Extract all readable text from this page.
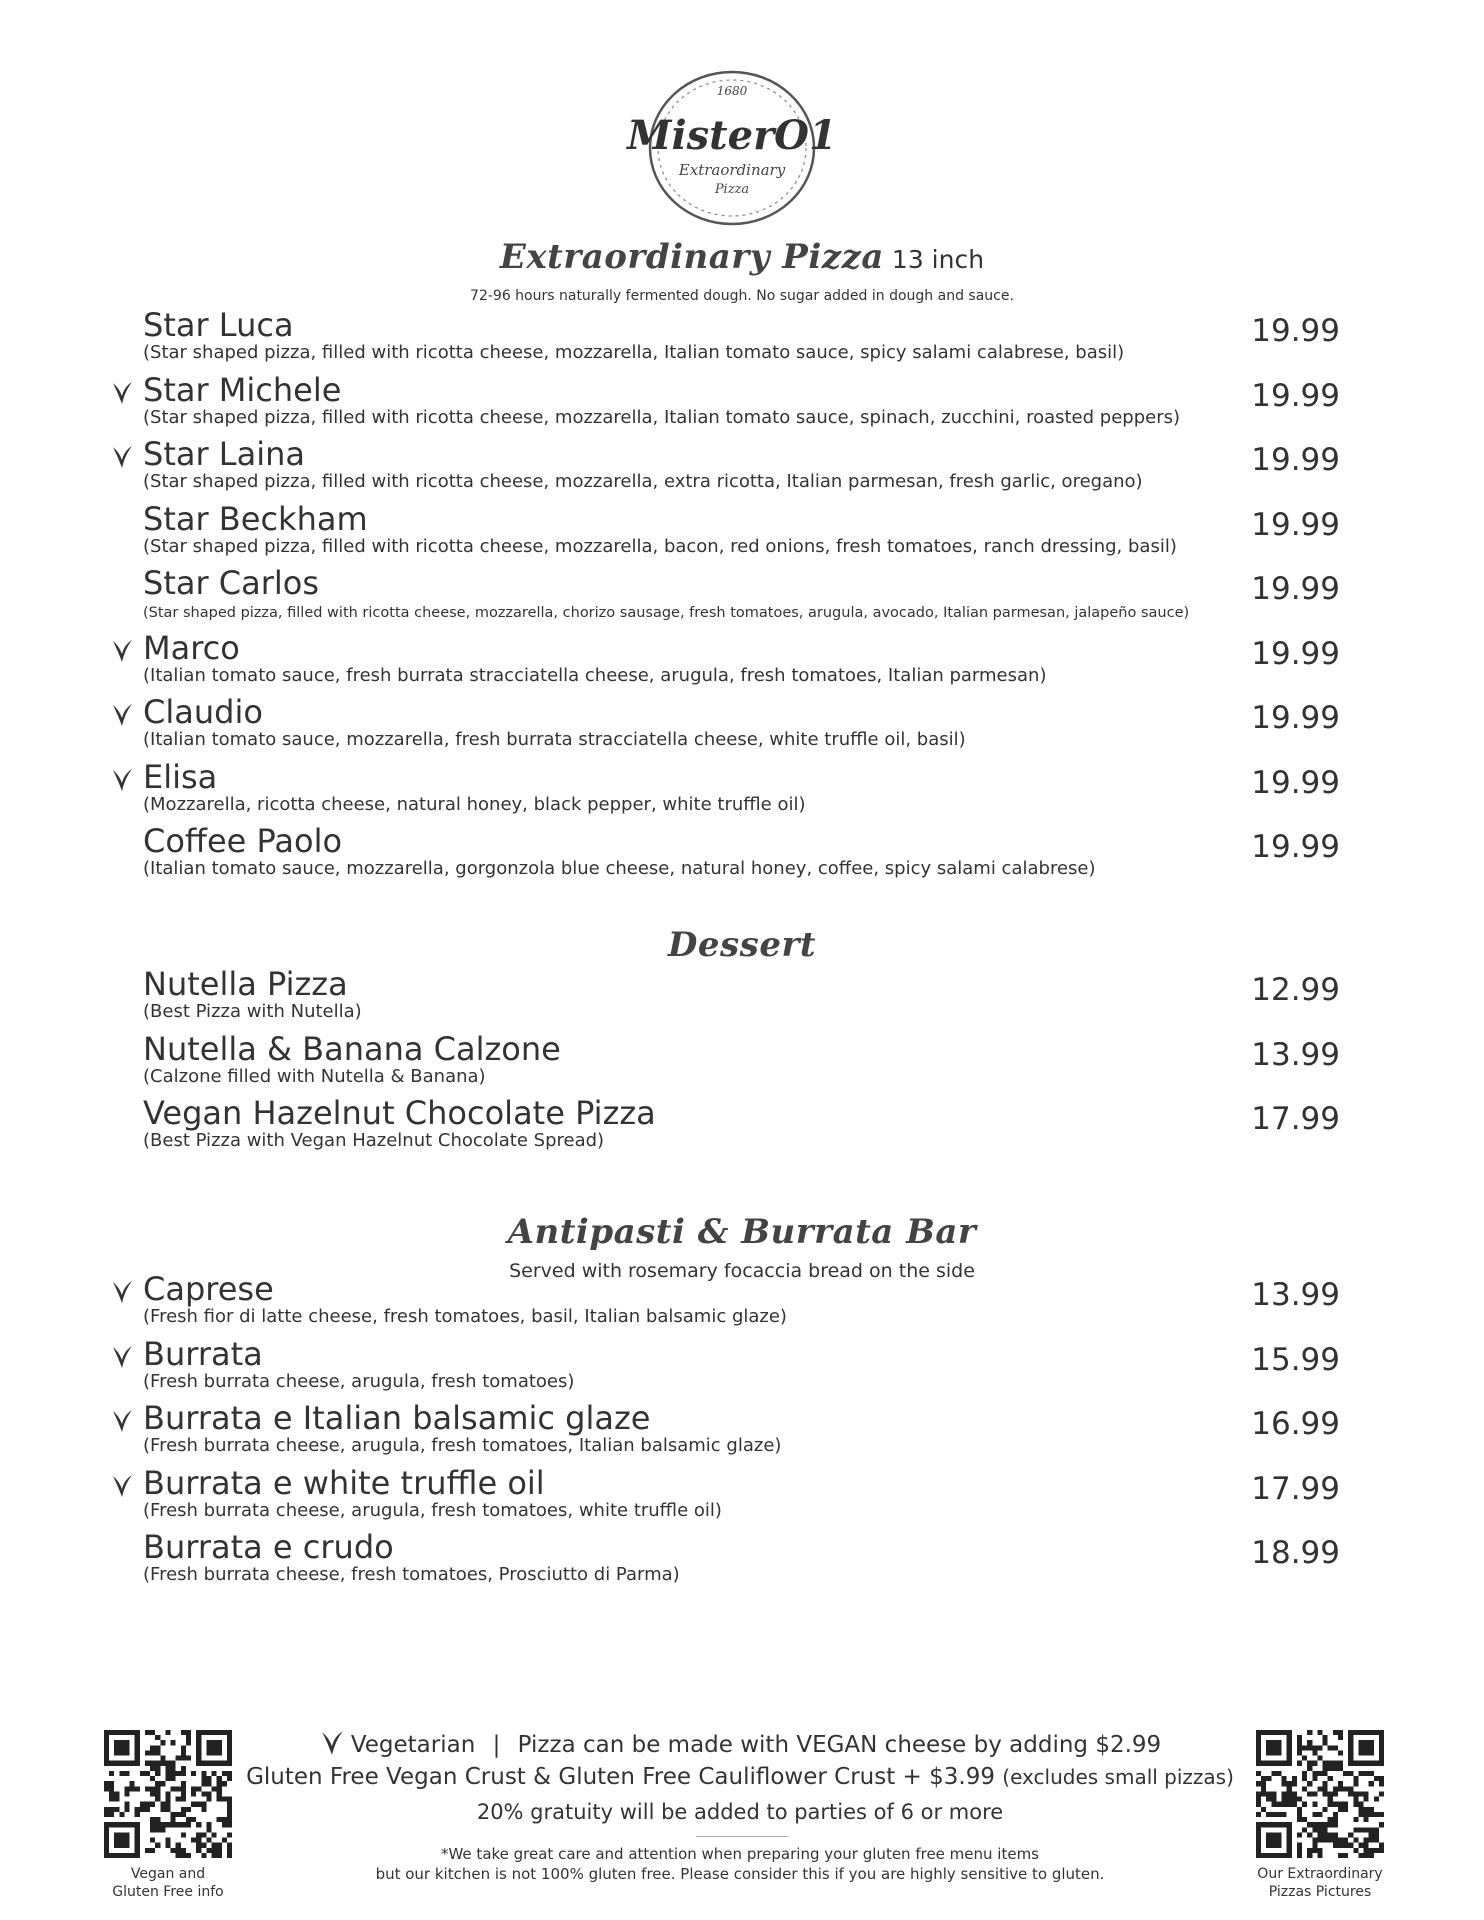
1680
MisterO1
Extraordinary
Pizza
Extraordinary Pizza 13 inch
72-96 hours naturally fermented dough. No sugar added in dough and sauce.
Star Luca
(Star shaped pizza, filled with ricotta cheese, mozzarella, Italian tomato sauce, spicy salami calabrese, basil)
19.99
Star Michele
(Star shaped pizza, filled with ricotta cheese, mozzarella, Italian tomato sauce, spinach, zucchini, roasted peppers)
19.99
Star Laina
(Star shaped pizza, filled with ricotta cheese, mozzarella, extra ricotta, Italian parmesan, fresh garlic, oregano)
19.99
Star Beckham
(Star shaped pizza, filled with ricotta cheese, mozzarella, bacon, red onions, fresh tomatoes, ranch dressing, basil)
19.99
Star Carlos
(Star shaped pizza, filled with ricotta cheese, mozzarella, chorizo sausage, fresh tomatoes, arugula, avocado, Italian parmesan, jalapeño sauce)
19.99
Marco
(Italian tomato sauce, fresh burrata stracciatella cheese, arugula, fresh tomatoes, Italian parmesan)
19.99
Claudio
(Italian tomato sauce, mozzarella, fresh burrata stracciatella cheese, white truffle oil, basil)
19.99
Elisa
(Mozzarella, ricotta cheese, natural honey, black pepper, white truffle oil)
19.99
Coffee Paolo
(Italian tomato sauce, mozzarella, gorgonzola blue cheese, natural honey, coffee, spicy salami calabrese)
19.99
Dessert
Nutella Pizza
(Best Pizza with Nutella)
12.99
Nutella & Banana Calzone
(Calzone filled with Nutella & Banana)
13.99
Vegan Hazelnut Chocolate Pizza
(Best Pizza with Vegan Hazelnut Chocolate Spread)
17.99
Antipasti & Burrata Bar
Served with rosemary focaccia bread on the side
Caprese
(Fresh fior di latte cheese, fresh tomatoes, basil, Italian balsamic glaze)
13.99
Burrata
(Fresh burrata cheese, arugula, fresh tomatoes)
15.99
Burrata e Italian balsamic glaze
(Fresh burrata cheese, arugula, fresh tomatoes, Italian balsamic glaze)
16.99
Burrata e white truffle oil
(Fresh burrata cheese, arugula, fresh tomatoes, white truffle oil)
17.99
Burrata e crudo
(Fresh burrata cheese, fresh tomatoes, Prosciutto di Parma)
18.99
Vegan and
Gluten Free info
Our Extraordinary
Pizzas Pictures
Vegetarian | Pizza can be made with VEGAN cheese by adding $2.99
Gluten Free Vegan Crust & Gluten Free Cauliflower Crust + $3.99 (excludes small pizzas)
20% gratuity will be added to parties of 6 or more
*We take great care and attention when preparing your gluten free menu items
but our kitchen is not 100% gluten free. Please consider this if you are highly sensitive to gluten.
